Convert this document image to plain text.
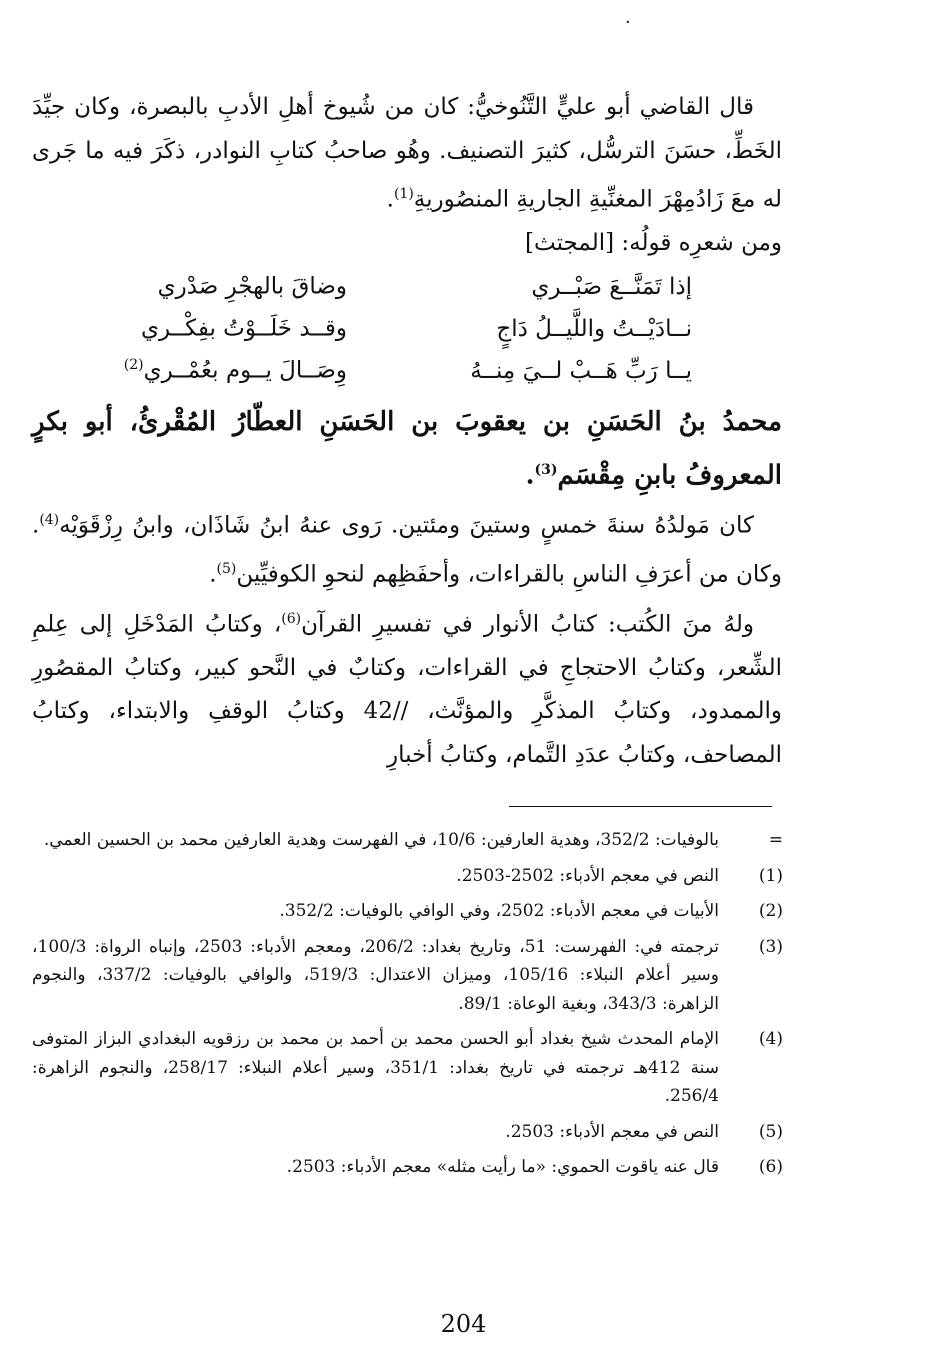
·

قال القاضي أبو عليٍّ التَّنُوخيُّ: كان من شُيوخ أهلِ الأدبِ بالبصرة، وكان جيِّدَ الخَطِّ، حسَنَ الترسُّل، كثيرَ التصنيف. وهُو صاحبُ كتابِ النوادر، ذكَرَ فيه ما جَرى له معَ زَادُمِهْرَ المغنِّيةِ الجاريةِ المنصُوريةِ$^{(1)}$.

ومن شعرِه قولُه: [المجتث]

إذا تَمَنَّــعَ صَبْــري
وضاقَ بالهجْرِ صَدْري
نــادَيْــتُ واللَّيــلُ دَاجٍ
وقــد خَلَــوْتُ بفِكْــري
يــا رَبِّ هَــبْ لــيَ مِنــهُ
وِصَــالَ يــوم بعُمْــري$^{(2)}$
محمدُ بنُ الحَسَنِ بن يعقوبَ بن الحَسَنِ العطّارُ المُقْرئُ، أبو بكرٍ المعروفُ بابنِ مِقْسَم$^{(3)}$.

كان مَولدُهُ سنةَ خمسٍ وستينَ ومئتين. رَوى عنهُ ابنُ شَاذَان، وابنُ رِزْقَوَيْه$^{(4)}$. وكان من أعرَفِ الناسِ بالقراءات، وأحفَظِهم لنحوِ الكوفيِّين$^{(5)}$.

ولهُ منَ الكُتب: كتابُ الأنوار في تفسيرِ القرآن$^{(6)}$، وكتابُ المَدْخَلِ إلى عِلمِ الشِّعر، وكتابُ الاحتجاجِ في القراءات، وكتابٌ في النَّحو كبير، وكتابُ المقصُورِ والممدود، وكتابُ المذكَّرِ والمؤنَّث، //42 وكتابُ الوقفِ والابتداء، وكتابُ المصاحف، وكتابُ عدَدِ التَّمام، وكتابُ أخبارِ

=
بالوفيات: 352/2، وهدية العارفين: 10/6، في الفهرست وهدية العارفين محمد بن الحسين العمي.
(1)
النص في معجم الأدباء: 2502-2503.
(2)
الأبيات في معجم الأدباء: 2502، وفي الوافي بالوفيات: 352/2.
(3)
ترجمته في: الفهرست: 51، وتاريخ بغداد: 206/2، ومعجم الأدباء: 2503، وإنباه الرواة: 100/3، وسير أعلام النبلاء: 105/16، وميزان الاعتدال: 519/3، والوافي بالوفيات: 337/2، والنجوم الزاهرة: 343/3، وبغية الوعاة: 89/1.
(4)
الإمام المحدث شيخ بغداد أبو الحسن محمد بن أحمد بن محمد بن رزقويه البغدادي البزاز المتوفى سنة 412هـ ترجمته في تاريخ بغداد: 351/1، وسير أعلام النبلاء: 258/17، والنجوم الزاهرة: 256/4.
(5)
النص في معجم الأدباء: 2503.
(6)
قال عنه ياقوت الحموي: «ما رأيت مثله» معجم الأدباء: 2503.
204
